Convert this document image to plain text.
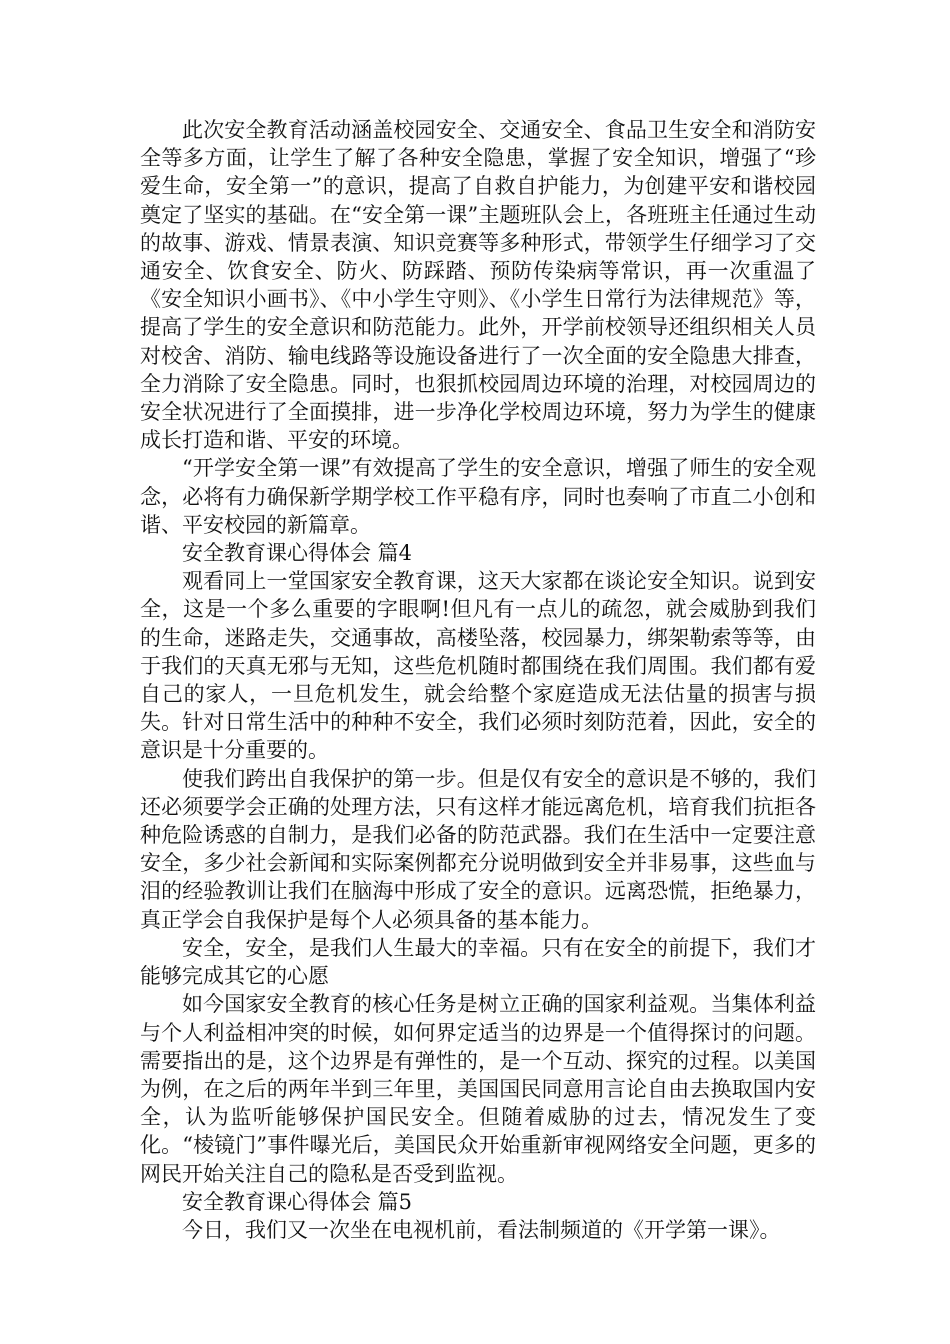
此次安全教育活动涵盖校园安全、交通安全、食品卫生安全和消防安全等多方面，让学生了解了各种安全隐患，掌握了安全知识，增强了“珍爱生命，安全第一”的意识，提高了自救自护能力，为创建平安和谐校园奠定了坚实的基础。在“安全第一课”主题班队会上，各班班主任通过生动的故事、游戏、情景表演、知识竞赛等多种形式，带领学生仔细学习了交通安全、饮食安全、防火、防踩踏、预防传染病等常识，再一次重温了《安全知识小画书》、《中小学生守则》、《小学生日常行为法律规范》等，提高了学生的安全意识和防范能力。此外，开学前校领导还组织相关人员对校舍、消防、输电线路等设施设备进行了一次全面的安全隐患大排查，全力消除了安全隐患。同时，也狠抓校园周边环境的治理，对校园周边的安全状况进行了全面摸排，进一步净化学校周边环境，努力为学生的健康成长打造和谐、平安的环境。

“开学安全第一课”有效提高了学生的安全意识，增强了师生的安全观念，必将有力确保新学期学校工作平稳有序，同时也奏响了市直二小创和谐、平安校园的新篇章。

安全教育课心得体会 篇4

观看同上一堂国家安全教育课，这天大家都在谈论安全知识。说到安全，这是一个多么重要的字眼啊!但凡有一点儿的疏忽，就会威胁到我们的生命，迷路走失，交通事故，高楼坠落，校园暴力，绑架勒索等等，由于我们的天真无邪与无知，这些危机随时都围绕在我们周围。我们都有爱自己的家人，一旦危机发生，就会给整个家庭造成无法估量的损害与损失。针对日常生活中的种种不安全，我们必须时刻防范着，因此，安全的意识是十分重要的。

使我们跨出自我保护的第一步。但是仅有安全的意识是不够的，我们还必须要学会正确的处理方法，只有这样才能远离危机，培育我们抗拒各种危险诱惑的自制力，是我们必备的防范武器。我们在生活中一定要注意安全，多少社会新闻和实际案例都充分说明做到安全并非易事，这些血与泪的经验教训让我们在脑海中形成了安全的意识。远离恐慌，拒绝暴力，真正学会自我保护是每个人必须具备的基本能力。

安全，安全，是我们人生最大的幸福。只有在安全的前提下，我们才能够完成其它的心愿

如今国家安全教育的核心任务是树立正确的国家利益观。当集体利益与个人利益相冲突的时候，如何界定适当的边界是一个值得探讨的问题。需要指出的是，这个边界是有弹性的，是一个互动、探究的过程。以美国为例，在之后的两年半到三年里，美国国民同意用言论自由去换取国内安全，认为监听能够保护国民安全。但随着威胁的过去，情况发生了变化。“棱镜门”事件曝光后，美国民众开始重新审视网络安全问题，更多的网民开始关注自己的隐私是否受到监视。

安全教育课心得体会 篇5

今日，我们又一次坐在电视机前，看法制频道的《开学第一课》。
